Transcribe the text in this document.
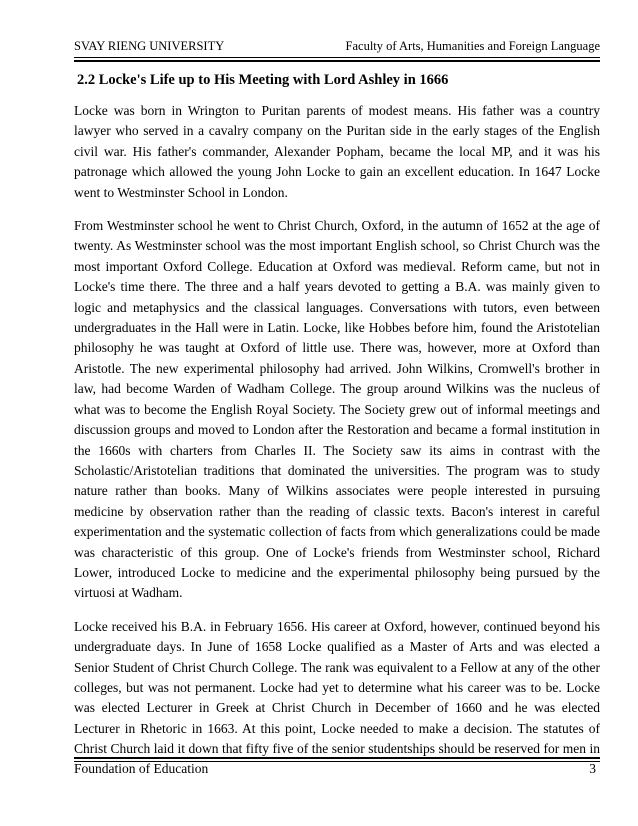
SVAY RIENG UNIVERSITY	Faculty of Arts, Humanities and Foreign Language
2.2 Locke's Life up to His Meeting with Lord Ashley in 1666

Locke was born in Wrington to Puritan parents of modest means. His father was a country lawyer who served in a cavalry company on the Puritan side in the early stages of the English civil war. His father's commander, Alexander Popham, became the local MP, and it was his patronage which allowed the young John Locke to gain an excellent education. In 1647 Locke went to Westminster School in London.

From Westminster school he went to Christ Church, Oxford, in the autumn of 1652 at the age of twenty. As Westminster school was the most important English school, so Christ Church was the most important Oxford College. Education at Oxford was medieval. Reform came, but not in Locke's time there. The three and a half years devoted to getting a B.A. was mainly given to logic and metaphysics and the classical languages. Conversations with tutors, even between undergraduates in the Hall were in Latin. Locke, like Hobbes before him, found the Aristotelian philosophy he was taught at Oxford of little use. There was, however, more at Oxford than Aristotle. The new experimental philosophy had arrived. John Wilkins, Cromwell's brother in law, had become Warden of Wadham College. The group around Wilkins was the nucleus of what was to become the English Royal Society. The Society grew out of informal meetings and discussion groups and moved to London after the Restoration and became a formal institution in the 1660s with charters from Charles II. The Society saw its aims in contrast with the Scholastic/Aristotelian traditions that dominated the universities. The program was to study nature rather than books. Many of Wilkins associates were people interested in pursuing medicine by observation rather than the reading of classic texts. Bacon's interest in careful experimentation and the systematic collection of facts from which generalizations could be made was characteristic of this group. One of Locke's friends from Westminster school, Richard Lower, introduced Locke to medicine and the experimental philosophy being pursued by the virtuosi at Wadham.

Locke received his B.A. in February 1656. His career at Oxford, however, continued beyond his undergraduate days. In June of 1658 Locke qualified as a Master of Arts and was elected a Senior Student of Christ Church College. The rank was equivalent to a Fellow at any of the other colleges, but was not permanent. Locke had yet to determine what his career was to be. Locke was elected Lecturer in Greek at Christ Church in December of 1660 and he was elected Lecturer in Rhetoric in 1663. At this point, Locke needed to make a decision. The statutes of Christ Church laid it down that fifty five of the senior studentships should be reserved for men in

Foundation of Education	3
